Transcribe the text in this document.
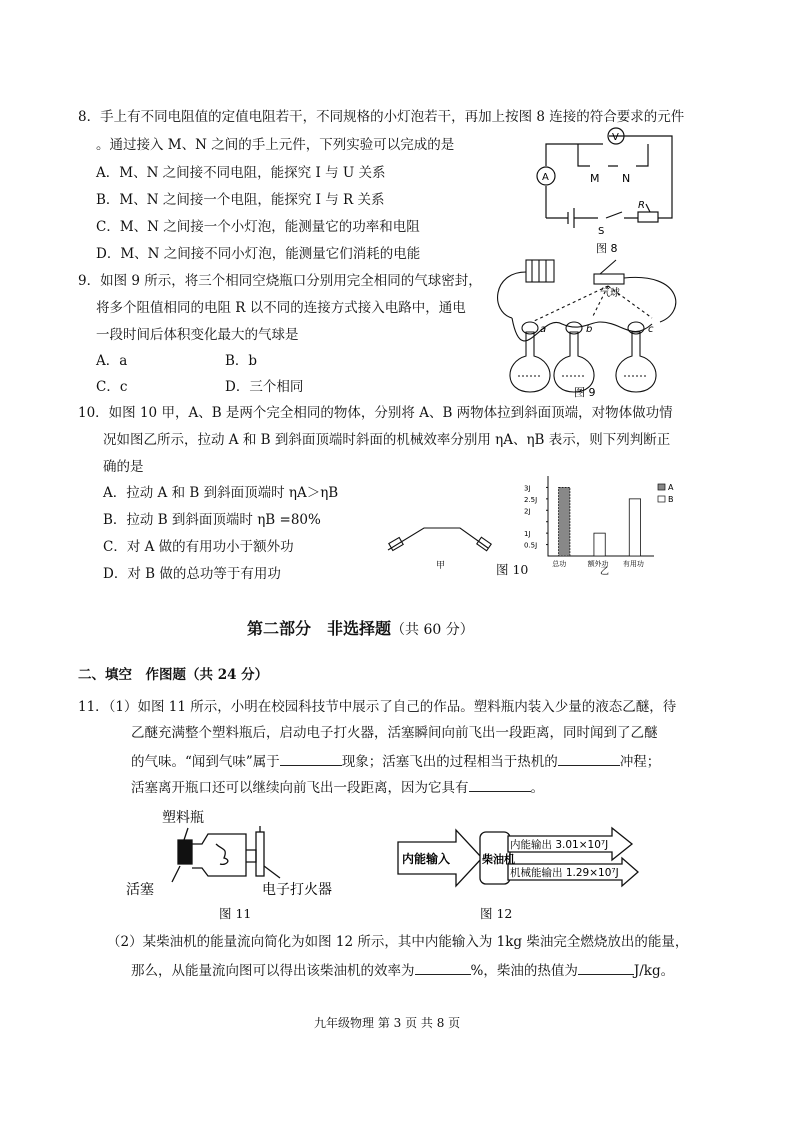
8．手上有不同电阻值的定值电阻若干，不同规格的小灯泡若干，再加上按图 8 连接的符合要求的元件
。通过接入 M、N 之间的手上元件，下列实验可以完成的是
A．M、N 之间接不同电阻，能探究 I 与 U 关系
B．M、N 之间接一个电阻，能探究 I 与 R 关系
C．M、N 之间接一个小灯泡，能测量它的功率和电阻
D．M、N 之间接不同小灯泡，能测量它们消耗的电能
A
V
M N
S
R
图 8
9．如图 9 所示，将三个相同空烧瓶口分别用完全相同的气球密封，
将多个阻值相同的电阻 R 以不同的连接方式接入电路中，通电
一段时间后体积变化最大的气球是
A．a	B．b
C．c	D．三个相同
气球
a	b	c
图 9
10．如图 10 甲，A、B 是两个完全相同的物体，分别将 A、B 两物体拉到斜面顶端，对物体做功情
况如图乙所示，拉动 A 和 B 到斜面顶端时斜面的机械效率分别用 ηA、ηB 表示，则下列判断正
确的是
A．拉动 A 和 B 到斜面顶端时 ηA＞ηB
B．拉动 B 到斜面顶端时 ηB =80%
C．对 A 做的有用功小于额外功
D．对 B 做的总功等于有用功	甲	图 10
0.5J
1J
2J
2.5J
3J
总功	额外功 有用功
A
B
乙
第二部分　非选择题（共 60 分）
二、填空　作图题（共 24 分）
11．（1）如图 11 所示，小明在校园科技节中展示了自己的作品。塑料瓶内装入少量的液态乙醚，待
乙醚充满整个塑料瓶后，启动电子打火器，活塞瞬间向前飞出一段距离，同时闻到了乙醚
的气味。“闻到气味”属于	现象；活塞飞出的过程相当于热机的	冲程；
活塞离开瓶口还可以继续向前飞出一段距离，因为它具有	。
塑料瓶
活塞	电子打火器
图 11
内能输入	柴油机
内能输出 3.01×10⁷J
机械能输出 1.29×10⁷J
图 12
（2）某柴油机的能量流向简化为如图 12 所示，其中内能输入为 1kg 柴油完全燃烧放出的能量，
那么，从能量流向图可以得出该柴油机的效率为	%，柴油的热值为	J/kg。
九年级物理 第 3 页 共 8 页
